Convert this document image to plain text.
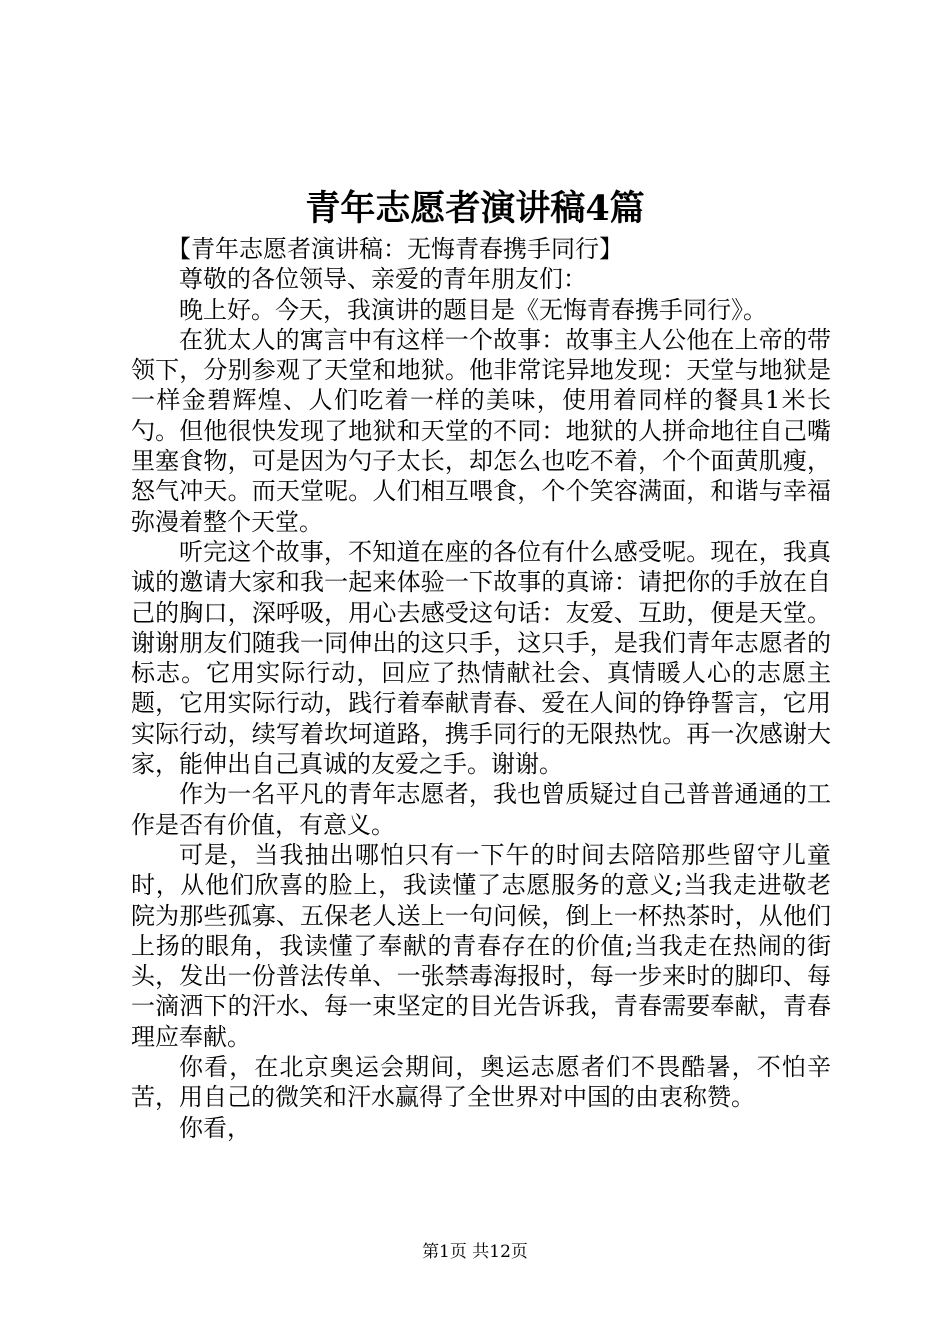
青年志愿者演讲稿4篇

【青年志愿者演讲稿：无悔青春携手同行】

尊敬的各位领导、亲爱的青年朋友们：

晚上好。今天，我演讲的题目是《无悔青春携手同行》。

在犹太人的寓言中有这样一个故事：故事主人公他在上帝的带领下，分别参观了天堂和地狱。他非常诧异地发现：天堂与地狱是一样金碧辉煌、人们吃着一样的美味，使用着同样的餐具1米长勺。但他很快发现了地狱和天堂的不同：地狱的人拼命地往自己嘴里塞食物，可是因为勺子太长，却怎么也吃不着，个个面黄肌瘦，怒气冲天。而天堂呢。人们相互喂食，个个笑容满面，和谐与幸福弥漫着整个天堂。

听完这个故事，不知道在座的各位有什么感受呢。现在，我真诚的邀请大家和我一起来体验一下故事的真谛：请把你的手放在自己的胸口，深呼吸，用心去感受这句话：友爱、互助，便是天堂。谢谢朋友们随我一同伸出的这只手，这只手，是我们青年志愿者的标志。它用实际行动，回应了热情献社会、真情暖人心的志愿主题，它用实际行动，践行着奉献青春、爱在人间的铮铮誓言，它用实际行动，续写着坎坷道路，携手同行的无限热忱。再一次感谢大家，能伸出自己真诚的友爱之手。谢谢。

作为一名平凡的青年志愿者，我也曾质疑过自己普普通通的工作是否有价值，有意义。

可是，当我抽出哪怕只有一下午的时间去陪陪那些留守儿童时，从他们欣喜的脸上，我读懂了志愿服务的意义;当我走进敬老院为那些孤寡、五保老人送上一句问候，倒上一杯热茶时，从他们上扬的眼角，我读懂了奉献的青春存在的价值;当我走在热闹的街头，发出一份普法传单、一张禁毒海报时，每一步来时的脚印、每一滴洒下的汗水、每一束坚定的目光告诉我，青春需要奉献，青春理应奉献。

你看，在北京奥运会期间，奥运志愿者们不畏酷暑，不怕辛苦，用自己的微笑和汗水赢得了全世界对中国的由衷称赞。

你看，

第1页 共12页
